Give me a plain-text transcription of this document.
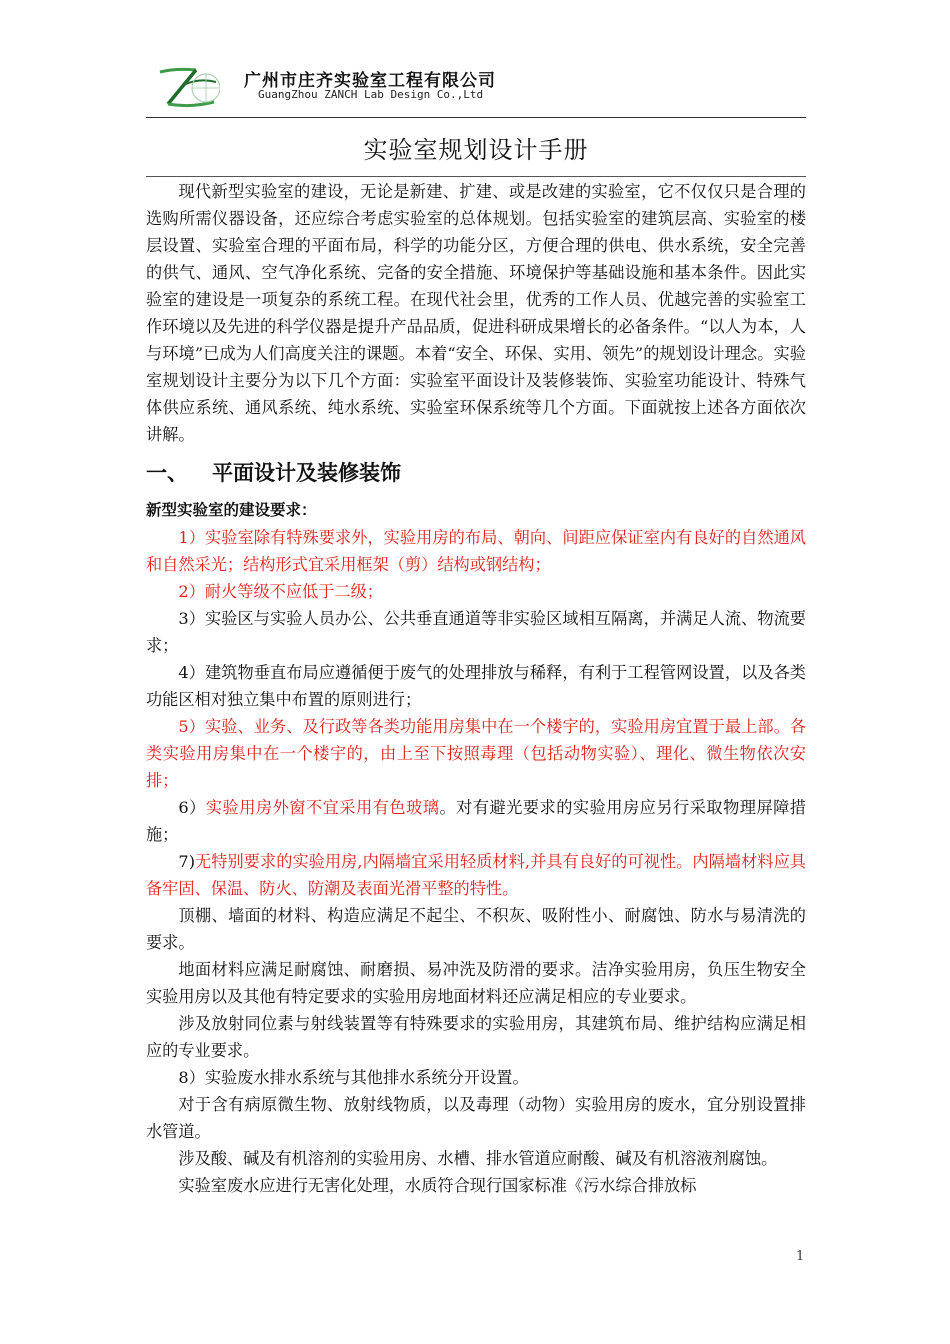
广州市庄齐实验室工程有限公司
GuangZhou ZANCH Lab Design Co.,Ltd
实验室规划设计手册

现代新型实验室的建设，无论是新建、扩建、或是改建的实验室，它不仅仅只是合理的选购所需仪器设备，还应综合考虑实验室的总体规划。包括实验室的建筑层高、实验室的楼层设置、实验室合理的平面布局，科学的功能分区，方便合理的供电、供水系统，安全完善的供气、通风、空气净化系统、完备的安全措施、环境保护等基础设施和基本条件。因此实验室的建设是一项复杂的系统工程。在现代社会里，优秀的工作人员、优越完善的实验室工作环境以及先进的科学仪器是提升产品品质，促进科研成果增长的必备条件。“以人为本，人与环境”已成为人们高度关注的课题。本着“安全、环保、实用、领先”的规划设计理念。实验室规划设计主要分为以下几个方面：实验室平面设计及装修装饰、实验室功能设计、特殊气体供应系统、通风系统、纯水系统、实验室环保系统等几个方面。下面就按上述各方面依次讲解。

一、 平面设计及装修装饰

新型实验室的建设要求：

1）实验室除有特殊要求外，实验用房的布局、朝向、间距应保证室内有良好的自然通风和自然采光；结构形式宜采用框架（剪）结构或钢结构；

2）耐火等级不应低于二级；

3）实验区与实验人员办公、公共垂直通道等非实验区域相互隔离，并满足人流、物流要求；

4）建筑物垂直布局应遵循便于废气的处理排放与稀释，有利于工程管网设置，以及各类功能区相对独立集中布置的原则进行；

5）实验、业务、及行政等各类功能用房集中在一个楼宇的，实验用房宜置于最上部。各类实验用房集中在一个楼宇的，由上至下按照毒理（包括动物实验）、理化、微生物依次安排；

6）实验用房外窗不宜采用有色玻璃。对有避光要求的实验用房应另行采取物理屏障措施；

7)无特别要求的实验用房,内隔墙宜采用轻质材料,并具有良好的可视性。内隔墙材料应具备牢固、保温、防火、防潮及表面光滑平整的特性。

顶棚、墙面的材料、构造应满足不起尘、不积灰、吸附性小、耐腐蚀、防水与易清洗的要求。

地面材料应满足耐腐蚀、耐磨损、易冲洗及防滑的要求。洁净实验用房，负压生物安全实验用房以及其他有特定要求的实验用房地面材料还应满足相应的专业要求。

涉及放射同位素与射线装置等有特殊要求的实验用房，其建筑布局、维护结构应满足相应的专业要求。

8）实验废水排水系统与其他排水系统分开设置。

对于含有病原微生物、放射线物质，以及毒理（动物）实验用房的废水，宜分别设置排水管道。

涉及酸、碱及有机溶剂的实验用房、水槽、排水管道应耐酸、碱及有机溶液剂腐蚀。

实验室废水应进行无害化处理，水质符合现行国家标准《污水综合排放标

1
